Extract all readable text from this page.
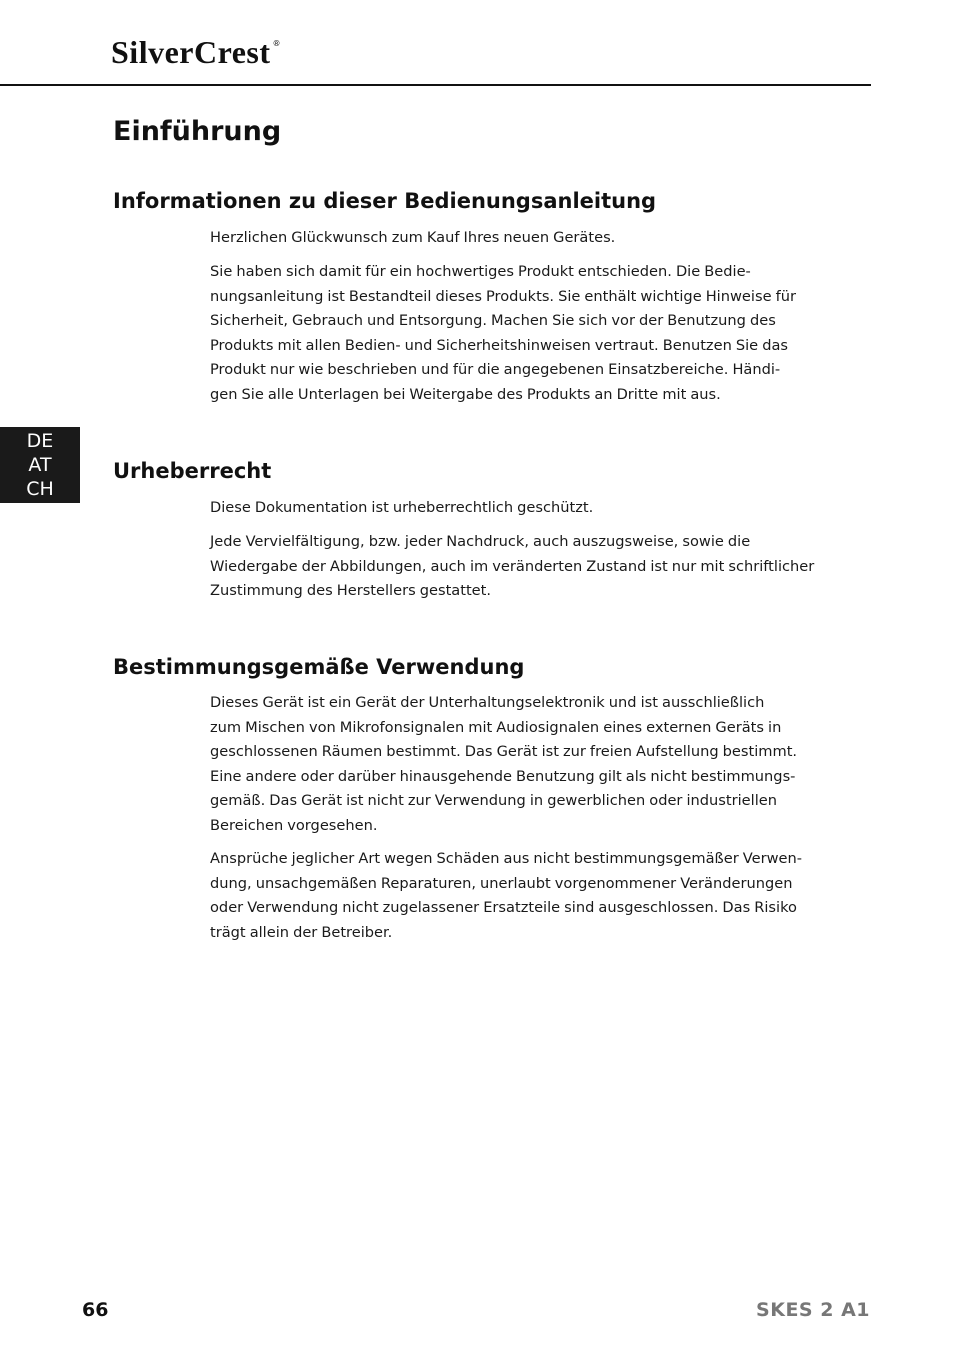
SilverCrest ®
Einführung
DE
AT
CH
Informationen zu dieser Bedienungsanleitung
Herzlichen Glückwunsch zum Kauf Ihres neuen Gerätes.
Sie haben sich damit für ein hochwertiges Produkt entschieden. Die Bedie-
nungsanleitung ist Bestandteil dieses Produkts. Sie enthält wichtige Hinweise für
Sicherheit, Gebrauch und Entsorgung. Machen Sie sich vor der Benutzung des
Produkts mit allen Bedien- und Sicherheitshinweisen vertraut. Benutzen Sie das
Produkt nur wie beschrieben und für die angegebenen Einsatzbereiche. Händi-
gen Sie alle Unterlagen bei Weitergabe des Produkts an Dritte mit aus.
Urheberrecht
Diese Dokumentation ist urheberrechtlich geschützt.
Jede Vervielfältigung, bzw. jeder Nachdruck, auch auszugsweise, sowie die
Wiedergabe der Abbildungen, auch im veränderten Zustand ist nur mit schriftlicher
Zustimmung des Herstellers gestattet.
Bestimmungsgemäße Verwendung
Dieses Gerät ist ein Gerät der Unterhaltungselektronik und ist ausschließlich
zum Mischen von Mikrofonsignalen mit Audiosignalen eines externen Geräts in
geschlossenen Räumen bestimmt. Das Gerät ist zur freien Aufstellung bestimmt.
Eine andere oder darüber hinausgehende Benutzung gilt als nicht bestimmungs-
gemäß. Das Gerät ist nicht zur Verwendung in gewerblichen oder industriellen
Bereichen vorgesehen.
Ansprüche jeglicher Art wegen Schäden aus nicht bestimmungsgemäßer Verwen-
dung, unsachgemäßen Reparaturen, unerlaubt vorgenommener Veränderungen
oder Verwendung nicht zugelassener Ersatzteile sind ausgeschlossen. Das Risiko
trägt allein der Betreiber.
66	SKES 2 A1
